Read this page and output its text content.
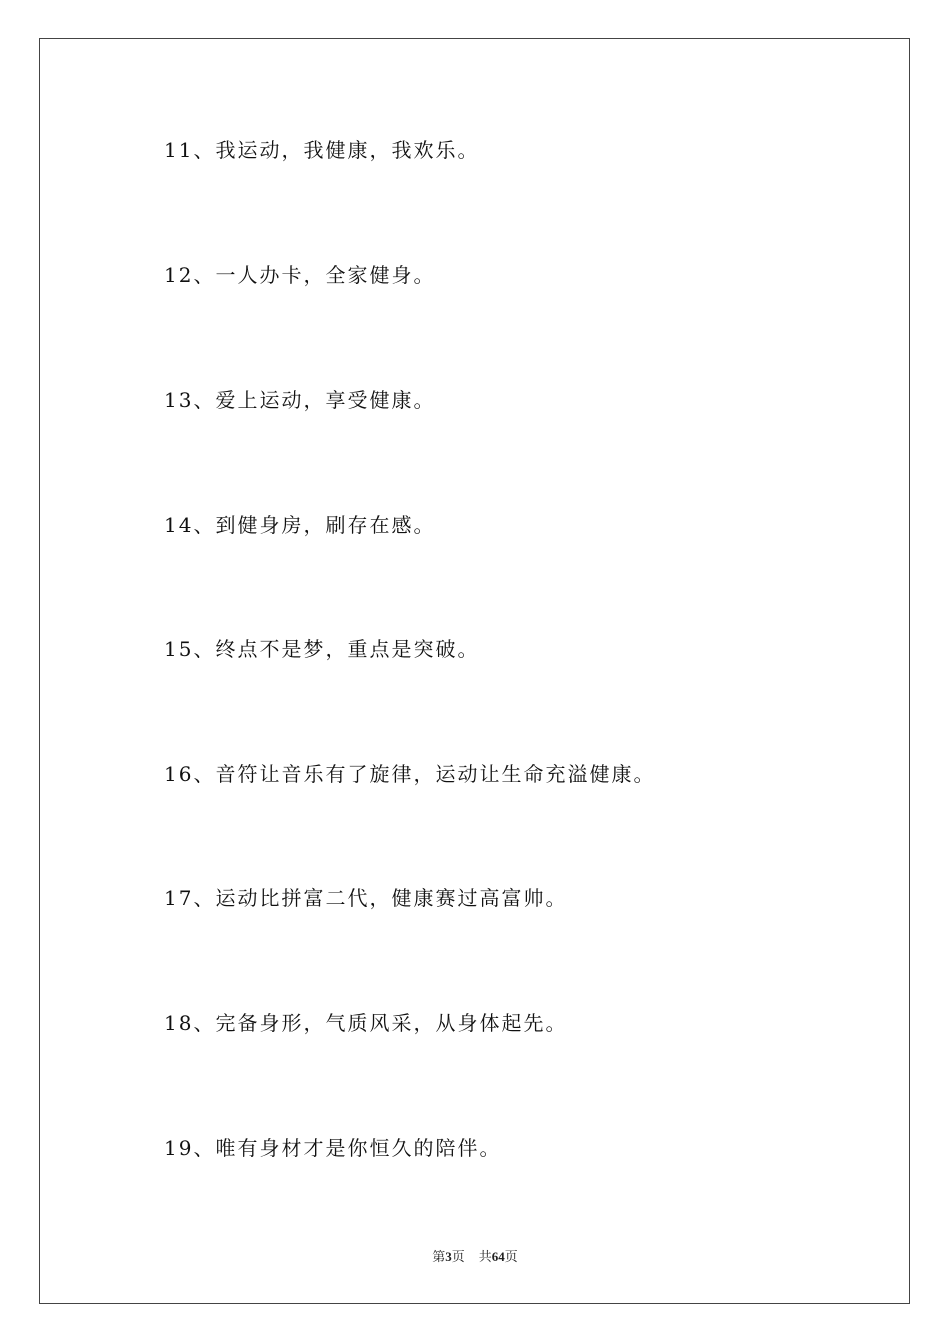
11、我运动，我健康，我欢乐。
12、一人办卡，全家健身。
13、爱上运动，享受健康。
14、到健身房，刷存在感。
15、终点不是梦，重点是突破。
16、音符让音乐有了旋律，运动让生命充溢健康。
17、运动比拼富二代，健康赛过高富帅。
18、完备身形，气质风采，从身体起先。
19、唯有身材才是你恒久的陪伴。
第3页 共64页
